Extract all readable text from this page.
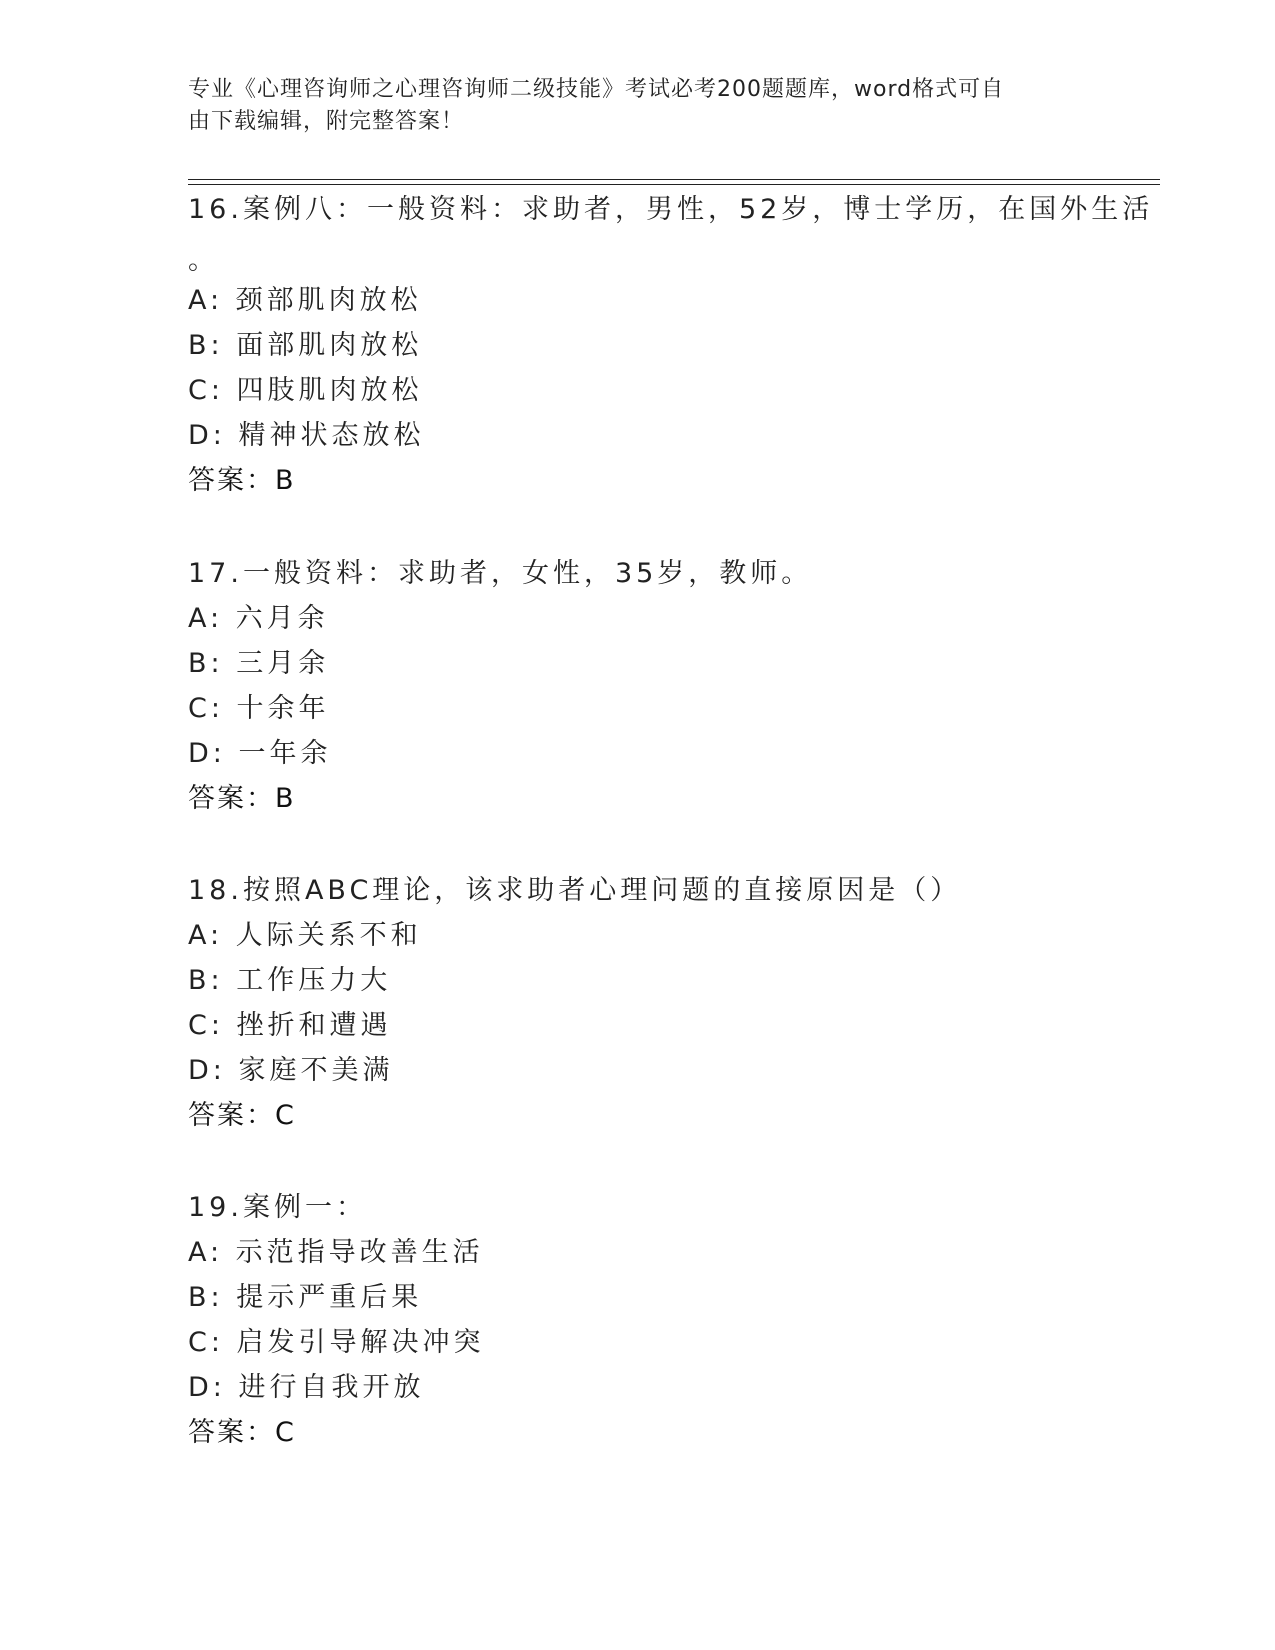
专业《心理咨询师之心理咨询师二级技能》考试必考200题题库，word格式可自
由下载编辑，附完整答案！
16.案例八：一般资料：求助者，男性，52岁，博士学历，在国外生活
。
A: 颈部肌肉放松
B: 面部肌肉放松
C: 四肢肌肉放松
D: 精神状态放松
答案：B
17.一般资料：求助者，女性，35岁，教师。
A: 六月余
B: 三月余
C: 十余年
D: 一年余
答案：B
18.按照ABC理论，该求助者心理问题的直接原因是（）
A: 人际关系不和
B: 工作压力大
C: 挫折和遭遇
D: 家庭不美满
答案：C
19.案例一：
A: 示范指导改善生活
B: 提示严重后果
C: 启发引导解决冲突
D: 进行自我开放
答案：C
